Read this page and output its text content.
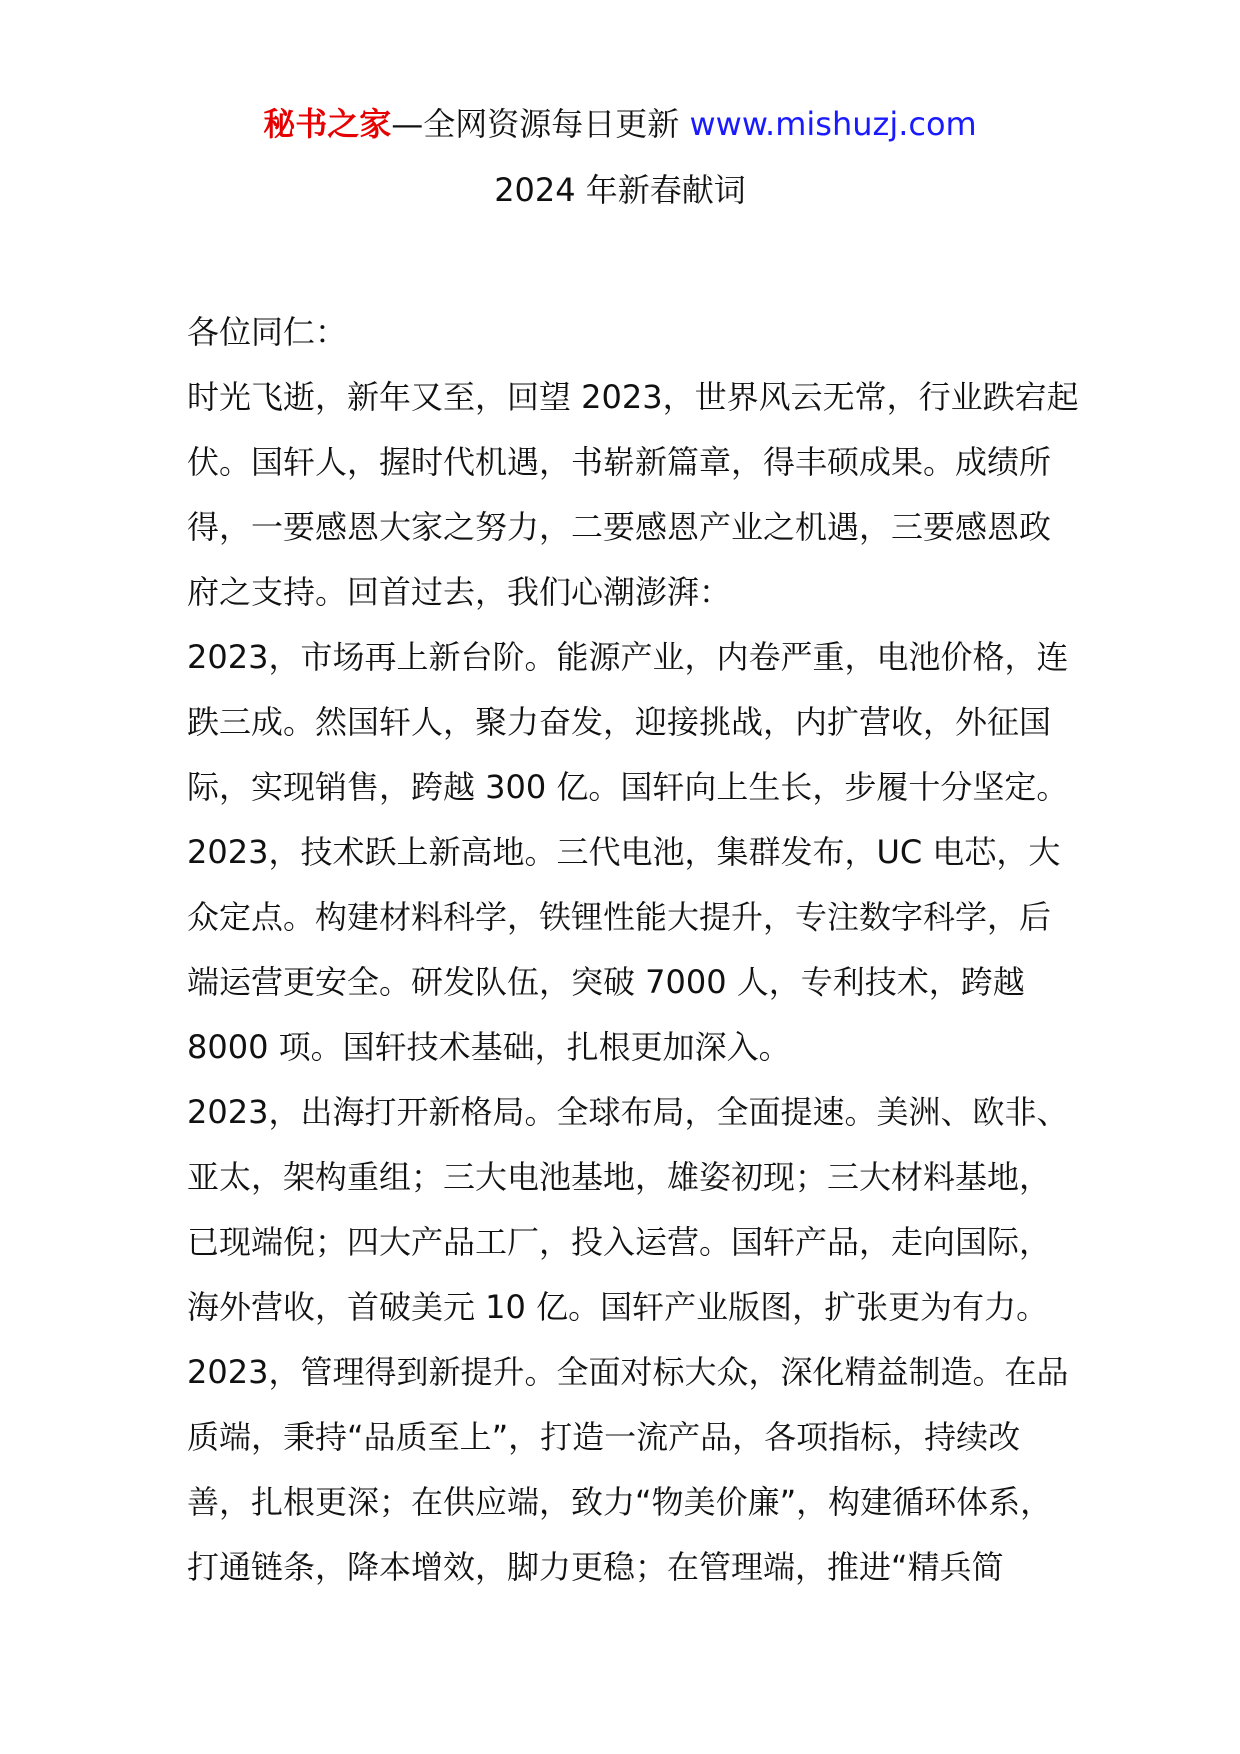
秘书之家—全网资源每日更新 www.mishuzj.com
2024 年新春献词
各位同仁：
时光飞逝，新年又至，回望 2023，世界风云无常，行业跌宕起
伏。国轩人，握时代机遇，书崭新篇章，得丰硕成果。成绩所
得，一要感恩大家之努力，二要感恩产业之机遇，三要感恩政
府之支持。回首过去，我们心潮澎湃：
2023，市场再上新台阶。能源产业，内卷严重，电池价格，连
跌三成。然国轩人，聚力奋发，迎接挑战，内扩营收，外征国
际，实现销售，跨越 300 亿。国轩向上生长，步履十分坚定。
2023，技术跃上新高地。三代电池，集群发布，UC 电芯，大
众定点。构建材料科学，铁锂性能大提升，专注数字科学，后
端运营更安全。研发队伍，突破 7000 人，专利技术，跨越
8000 项。国轩技术基础，扎根更加深入。
2023，出海打开新格局。全球布局，全面提速。美洲、欧非、
亚太，架构重组；三大电池基地，雄姿初现；三大材料基地，
已现端倪；四大产品工厂，投入运营。国轩产品，走向国际，
海外营收，首破美元 10 亿。国轩产业版图，扩张更为有力。
2023，管理得到新提升。全面对标大众，深化精益制造。在品
质端，秉持“品质至上”，打造一流产品，各项指标，持续改
善，扎根更深；在供应端，致力“物美价廉”，构建循环体系，
打通链条，降本增效，脚力更稳；在管理端，推进“精兵简
